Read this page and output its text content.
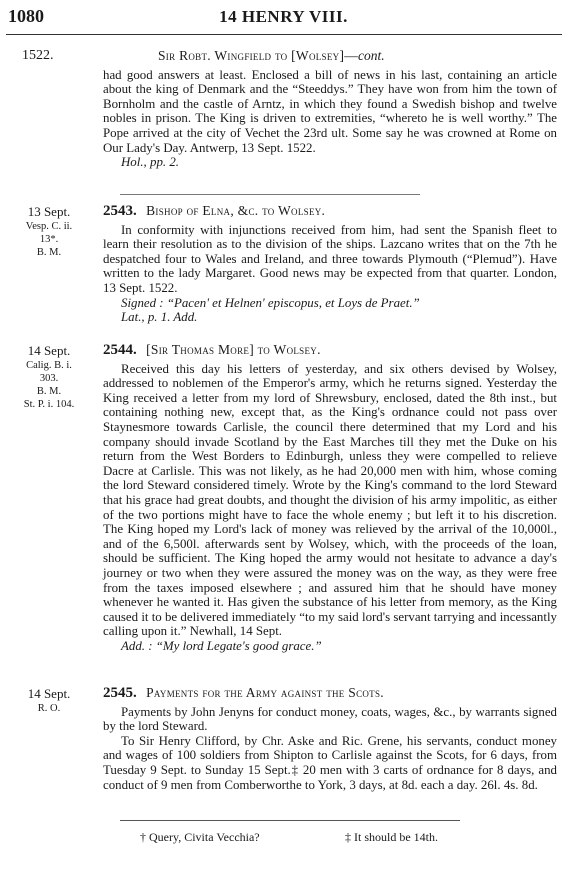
1080	14 HENRY VIII.
1522.	Sir Robt. Wingfield to [Wolsey]—cont.

had good answers at least. Enclosed a bill of news in his last, containing an article about the king of Denmark and the “Steeddys.” They have won from him the town of Bornholm and the castle of Arntz, in which they found a Swedish bishop and twelve nobles in prison. The King is driven to extremities, “whereto he is well worthy.” The Pope arrived at the city of Vechet the 23rd ult. Some say he was crowned at Rome on Our Lady's Day. Antwerp, 13 Sept. 1522.

Hol., pp. 2.
13 Sept.
Vesp. C. ii.
13*.
B. M.
2543. Bishop of Elna, &c. to Wolsey.

In conformity with injunctions received from him, had sent the Spanish fleet to learn their resolution as to the division of the ships. Lazcano writes that on the 7th he despatched four to Wales and Ireland, and three towards Plymouth (“Plemud”). Have written to the lady Margaret. Good news may be expected from that quarter. London, 13 Sept. 1522.

Signed : “Pacen' et Helnen' episcopus, et Loys de Praet.”
Lat., p. 1. Add.
14 Sept.
Calig. B. i.
303.
B. M.
St. P. i. 104.
2544. [Sir Thomas More] to Wolsey.

Received this day his letters of yesterday, and six others devised by Wolsey, addressed to noblemen of the Emperor's army, which he returns signed. Yesterday the King received a letter from my lord of Shrewsbury, enclosed, dated the 8th inst., but containing nothing new, except that, as the King's ordnance could not pass over Staynesmore towards Carlisle, the council there determined that my Lord and his company should invade Scotland by the East Marches till they met the Duke on his return from the West Borders to Edinburgh, unless they were compelled to relieve Dacre at Carlisle. This was not likely, as he had 20,000 men with him, whose coming the lord Steward considered timely. Wrote by the King's command to the lord Steward that his grace had great doubts, and thought the division of his army impolitic, as either of the two portions might have to face the whole enemy ; but left it to his discretion. The King hoped my Lord's lack of money was relieved by the arrival of the 10,000l., and of the 6,500l. afterwards sent by Wolsey, which, with the proceeds of the loan, should be sufficient. The King hoped the army would not hesitate to advance a day's journey or two when they were assured the money was on the way, as they were free from the taxes imposed elsewhere ; and assured him that he should have money whenever he wanted it. Has given the substance of his letter from memory, as the King caused it to be delivered immediately “to my said lord's servant tarrying and incessantly calling upon it.” Newhall, 14 Sept.

Add. : “My lord Legate's good grace.”
14 Sept.
R. O.
2545. Payments for the Army against the Scots.

Payments by John Jenyns for conduct money, coats, wages, &c., by warrants signed by the lord Steward.

To Sir Henry Clifford, by Chr. Aske and Ric. Grene, his servants, conduct money and wages of 100 soldiers from Shipton to Carlisle against the Scots, for 6 days, from Tuesday 9 Sept. to Sunday 15 Sept.‡ 20 men with 3 carts of ordnance for 8 days, and conduct of 9 men from Comberworthe to York, 3 days, at 8d. each a day. 26l. 4s. 8d.

† Query, Civita Vecchia?	‡ It should be 14th.
